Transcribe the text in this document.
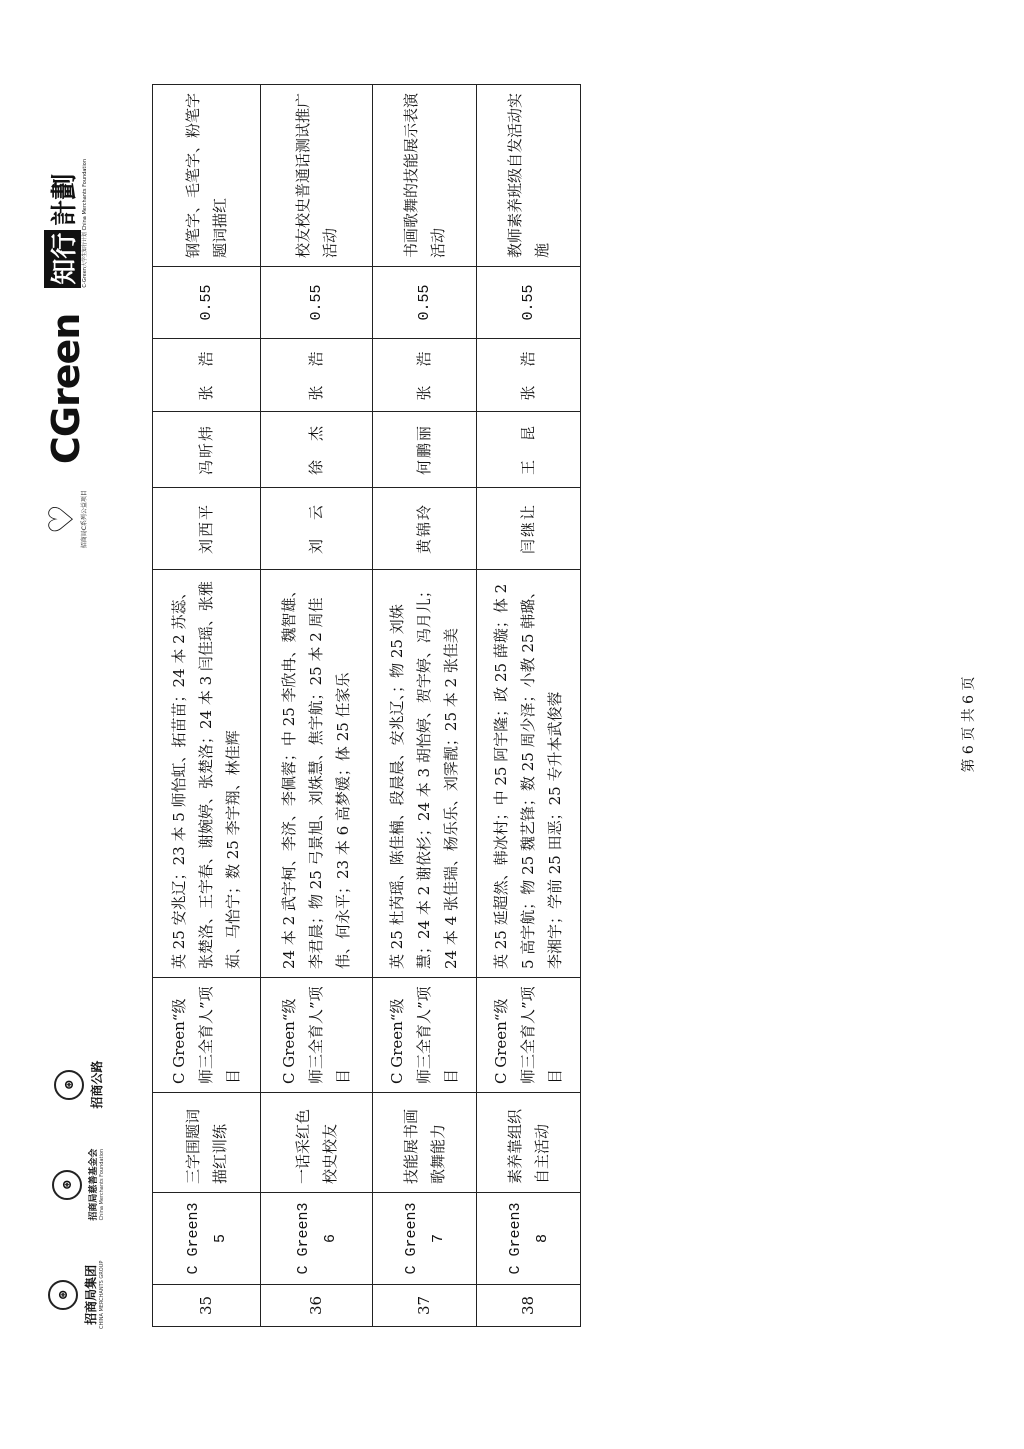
⊛	招商局集团 CHINA MERCHANTS GROUP
⊛	招商局慈善基金会 China Merchants Foundation
⊛	招商公路
♡ 招商局C系列公益项目
CGreen
知行
計劃 C-Green大学生知行计划 China Merchants Foundation
35	C Green35	三字围题词描红训练	C Green“级师三全育人”项目	英 25 安兆辽；23 本 5 师怡虹、拓苗苗；24 本 2 苏蕊、张楚洛、王宇春、谢婉婷、张楚洛；24 本 3 闫佳瑶、张雅茹、马怡宁；数 25 李宇翔、林佳辉	刘西平	冯昕炜	张　浩	0.55	钢笔字、毛笔字、粉笔字题词描红
36	C Green36	一话采红色校史校友	C Green“级师三全育人”项目	24 本 2 武宇柯、李济、李佩蓉；中 25 李欣冉、魏智雄、李君晨；物 25 弓景旭、刘姝慧、焦宇航；25 本 2 周佳伟、何永平；23 本 6 高梦媛；体 25 任家乐	刘　云	徐　杰	张　浩	0.55	校友校史普通话测试推广活动
37	C Green37	技能展书画歌舞能力	C Green“级师三全育人”项目	英 25 杜芮瑶、陈佳楠、段晨晨、安兆辽、；物 25 刘姝慧；24 本 2 谢依杉；24 本 3 胡怡婷、贺宇婷、冯月儿；24 本 4 张佳瑞、杨乐乐、刘霁靓；25 本 2 张佳美	黄锦玲	何鹏丽	张　浩	0.55	书画歌舞的技能展示表演活动
38	C Green38	素养靠组织自主活动	C Green“级师三全育人”项目	英 25 延超然、韩冰村；中 25 阿宇隆；政 25 薛璇；体 25 高宇航；物 25 魏艺锋；数 25 周少泽；小教 25 韩璐、李湘宇；学前 25 田恶；25 专升本武俊蓉	闫继让	王　昆	张　浩	0.55	教师素养班级自发活动实施
第 6 页 共 6 页
